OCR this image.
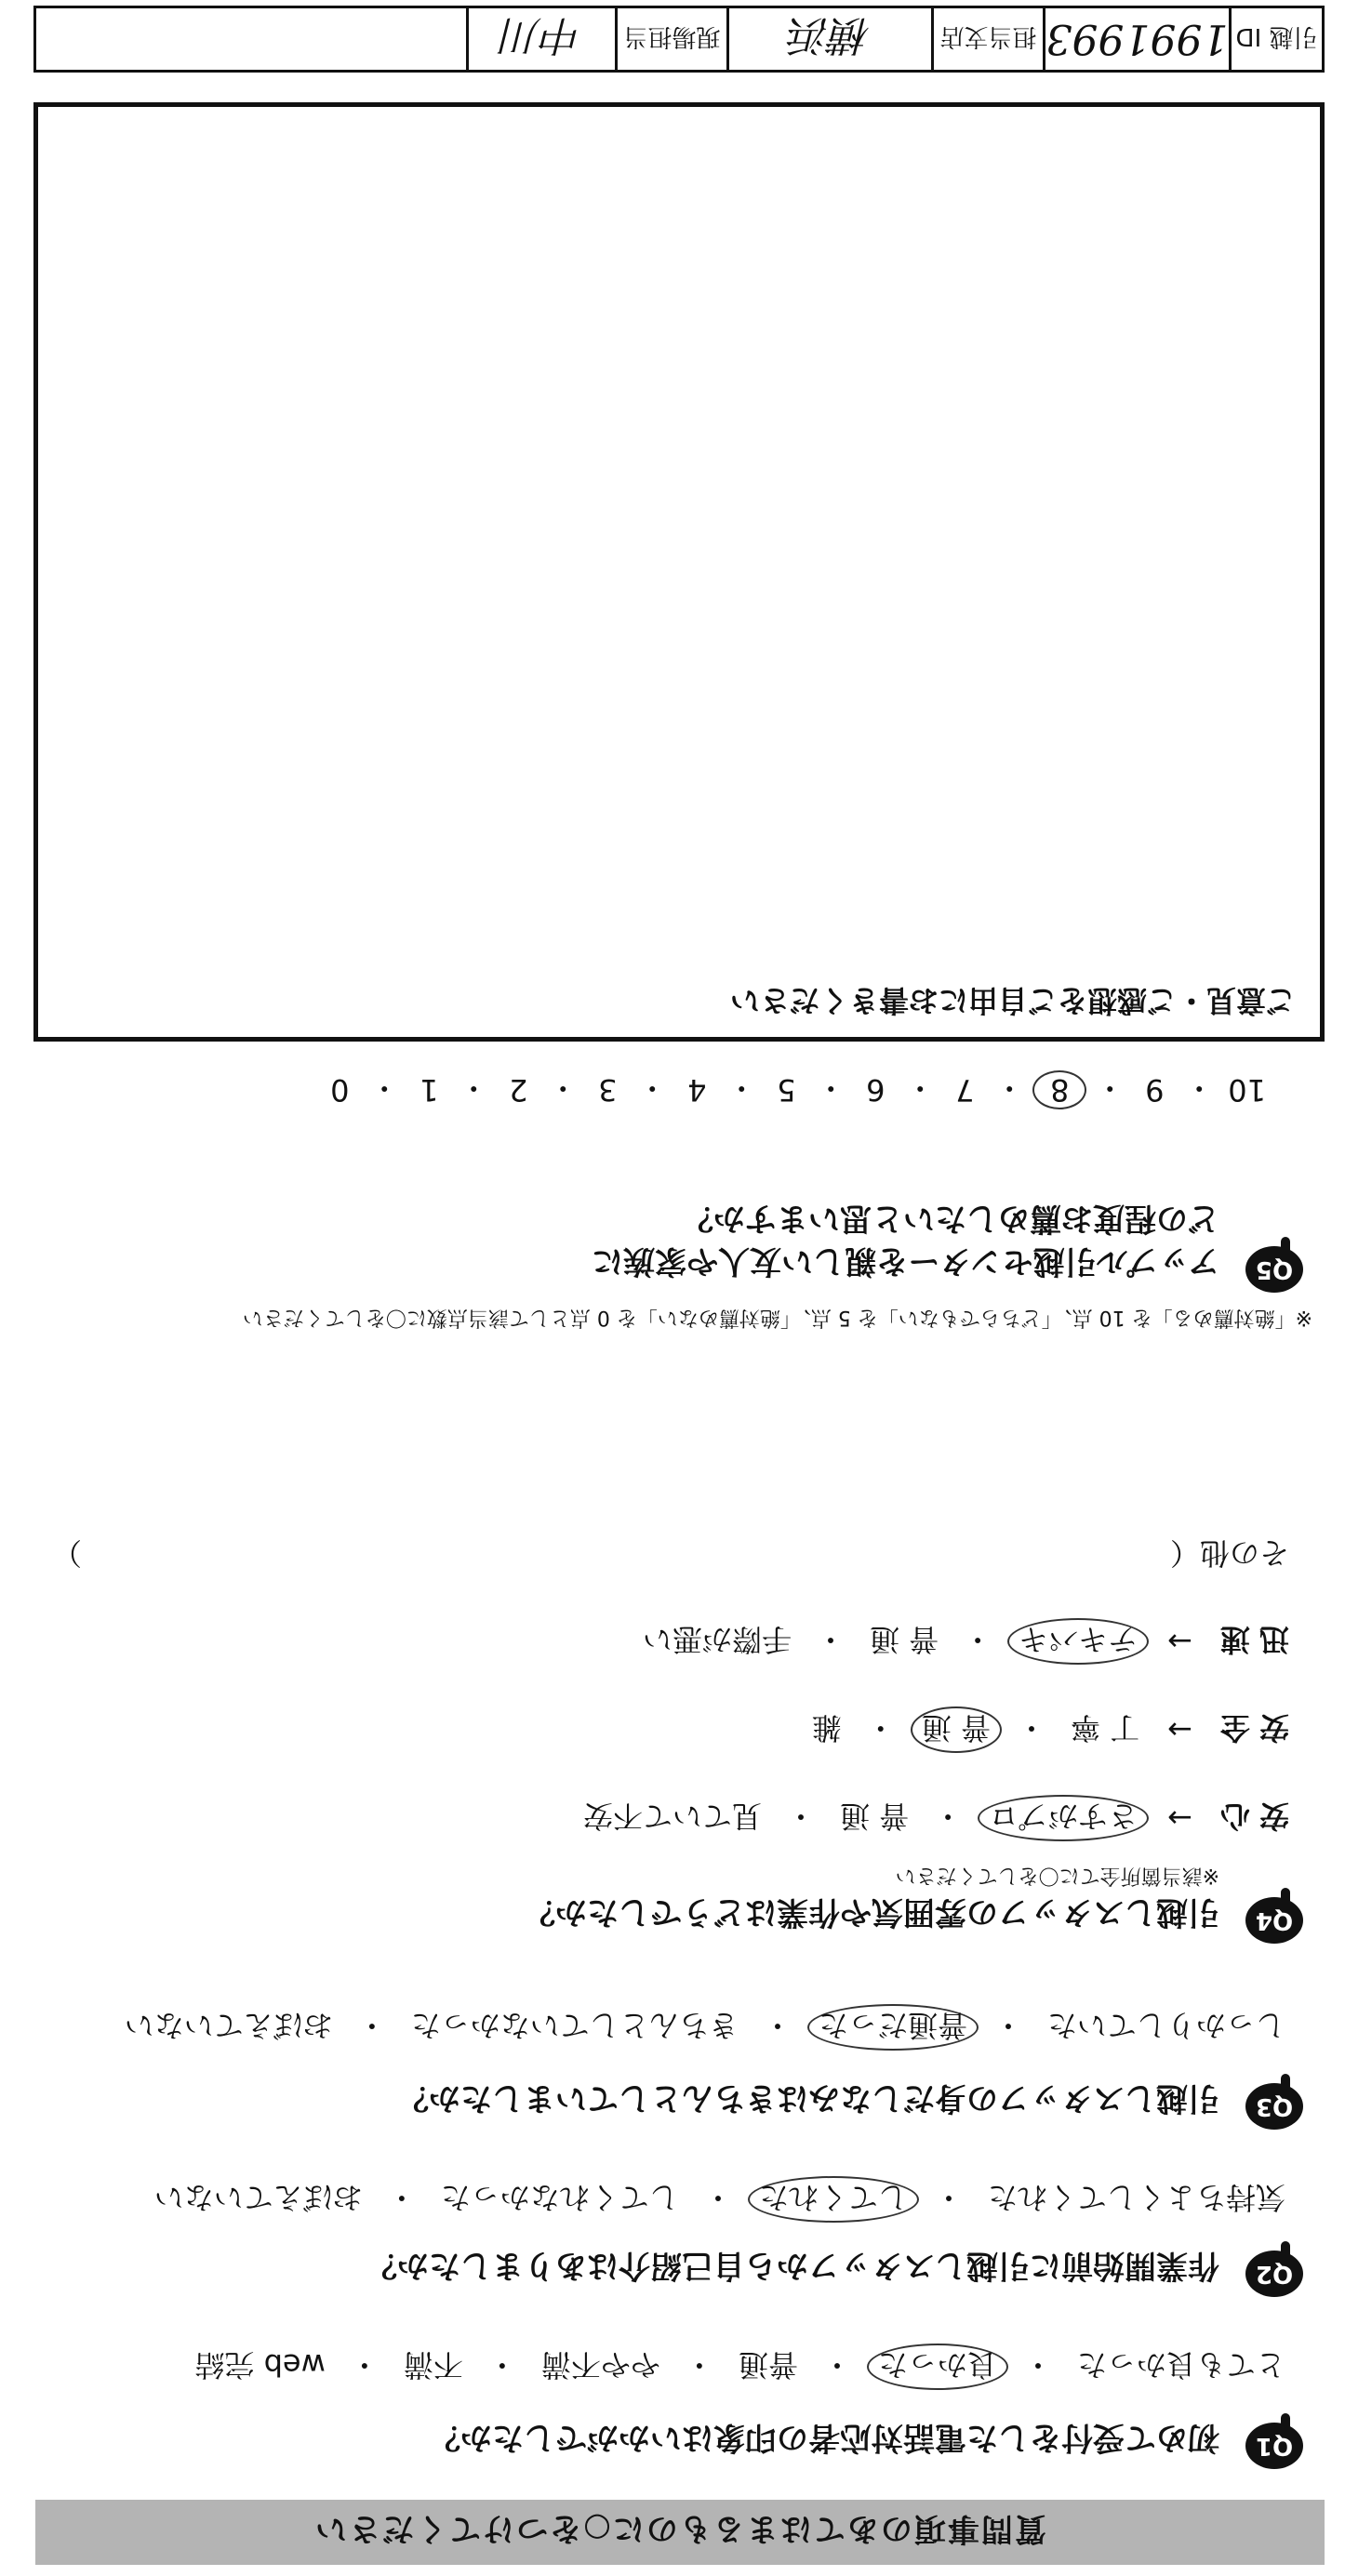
質問事項のあてはまるものに○をつけてください
Q1
初めて受付をした電話対応者の印象はいかがでしたか？
とても良かった
・
良かった
・
普通
・
やや不満
・
不満
・
web 完結
Q2
作業開始前に引越しスタッフから自己紹介はありましたか？
気持ちよくしてくれた
・
してくれた
・
してくれなかった
・
おぼえていない
Q3
引越しスタッフの身だしなみはきちんとしていましたか？
しっかりしていた
・
普通だった
・
きちんとしていなかった
・
おぼえていない
Q4
引越しスタッフの雰囲気や作業はどうでしたか？
※該当箇所全てに〇をしてください
安心
→
さすがプロ
・
普 通
・
見ていて不安
安全
→
丁 寧
・
普 通
・
雑
迅速
→
テキパキ
・
普 通
・
手際が悪い
その他（
）
Q5
アップル引越センターを親しい友人や家族に
どの程度お薦めしたいと思いますか？
※「絶対薦める」を 10 点、「どちらでもない」を 5 点、「絶対薦めない」を 0 点として該当点数に〇をしてください
10
・
9
・
8
・
7
・
6
・
5
・
4
・
3
・
2
・
1
・
0
ご意見・ご感想をご自由にお書きください
引越 ID
1991993
担当支店
横浜
現場担当
中川
